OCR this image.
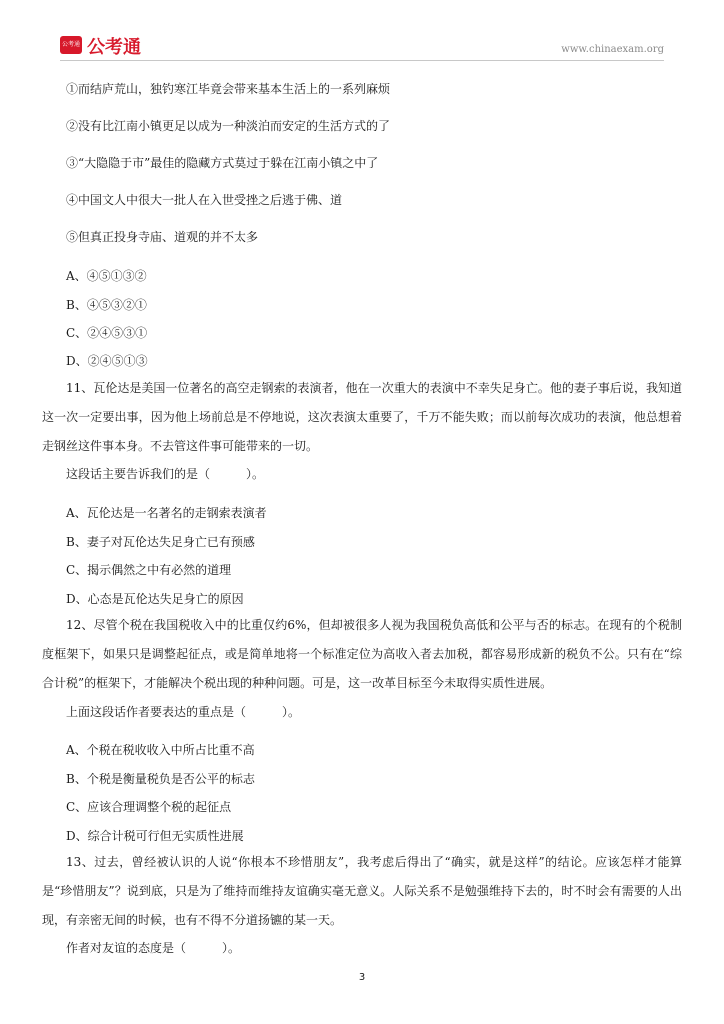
公考通 公考通	www.chinaexam.org
①而结庐荒山，独钓寒江毕竟会带来基本生活上的一系列麻烦
②没有比江南小镇更足以成为一种淡泊而安定的生活方式的了
③“大隐隐于市”最佳的隐藏方式莫过于躲在江南小镇之中了
④中国文人中很大一批人在入世受挫之后逃于佛、道
⑤但真正投身寺庙、道观的并不太多
A、④⑤①③②
B、④⑤③②①
C、②④⑤③①
D、②④⑤①③
11、瓦伦达是美国一位著名的高空走钢索的表演者，他在一次重大的表演中不幸失足身亡。他的妻子事后说，我知道这一次一定要出事，因为他上场前总是不停地说，这次表演太重要了，千万不能失败；而以前每次成功的表演，他总想着走钢丝这件事本身。不去管这件事可能带来的一切。
这段话主要告诉我们的是（　　　）。
A、瓦伦达是一名著名的走钢索表演者
B、妻子对瓦伦达失足身亡已有预感
C、揭示偶然之中有必然的道理
D、心态是瓦伦达失足身亡的原因
12、尽管个税在我国税收入中的比重仅约6%，但却被很多人视为我国税负高低和公平与否的标志。在现有的个税制度框架下，如果只是调整起征点，或是简单地将一个标准定位为高收入者去加税，都容易形成新的税负不公。只有在“综合计税”的框架下，才能解决个税出现的种种问题。可是，这一改革目标至今未取得实质性进展。
上面这段话作者要表达的重点是（　　　）。
A、个税在税收收入中所占比重不高
B、个税是衡量税负是否公平的标志
C、应该合理调整个税的起征点
D、综合计税可行但无实质性进展
13、过去，曾经被认识的人说“你根本不珍惜朋友”，我考虑后得出了“确实，就是这样”的结论。应该怎样才能算是“珍惜朋友”？说到底，只是为了维持而维持友谊确实毫无意义。人际关系不是勉强维持下去的，时不时会有需要的人出现，有亲密无间的时候，也有不得不分道扬镳的某一天。
作者对友谊的态度是（　　　）。
3
